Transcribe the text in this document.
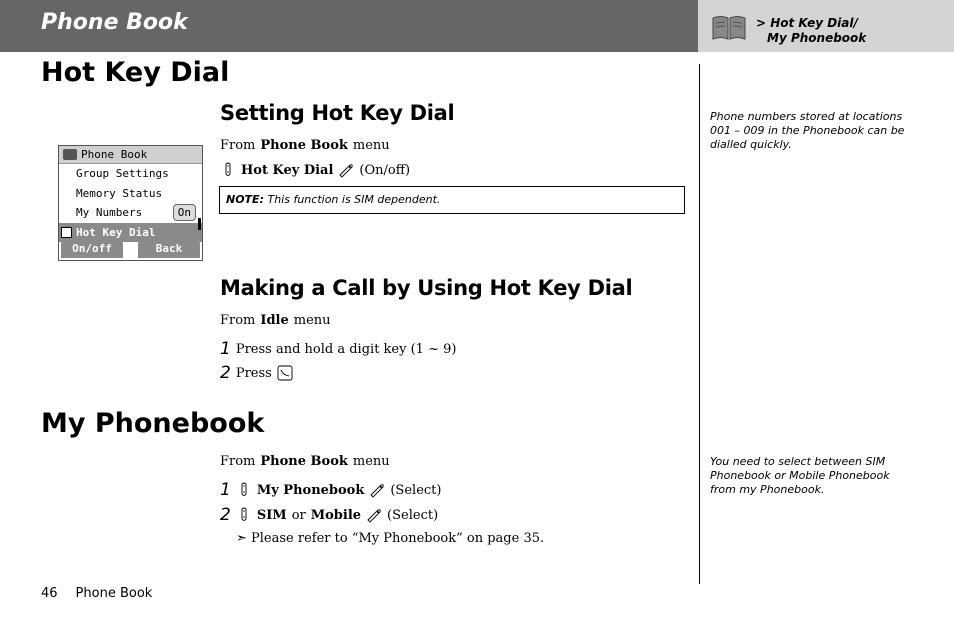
Phone Book	> Hot Key Dial/
My Phonebook
Hot Key Dial
Setting Hot Key Dial
From Phone Book menu
Hot Key Dial (On/off)
NOTE: This function is SIM dependent.
Phone Book
Group Settings
Memory Status
My Numbers	On
Hot Key Dial
On/off	Back
Making a Call by Using Hot Key Dial
From Idle menu
1 Press and hold a digit key (1 ~ 9)
2 Press
My Phonebook
From Phone Book menu
1 My Phonebook (Select)
2 SIM or Mobile (Select)
➣ Please refer to “My Phonebook” on page 35.
Phone numbers stored at locations 001 – 009 in the Phonebook can be dialled quickly.
You need to select between SIM Phonebook or Mobile Phonebook from my Phonebook.
46 Phone Book
